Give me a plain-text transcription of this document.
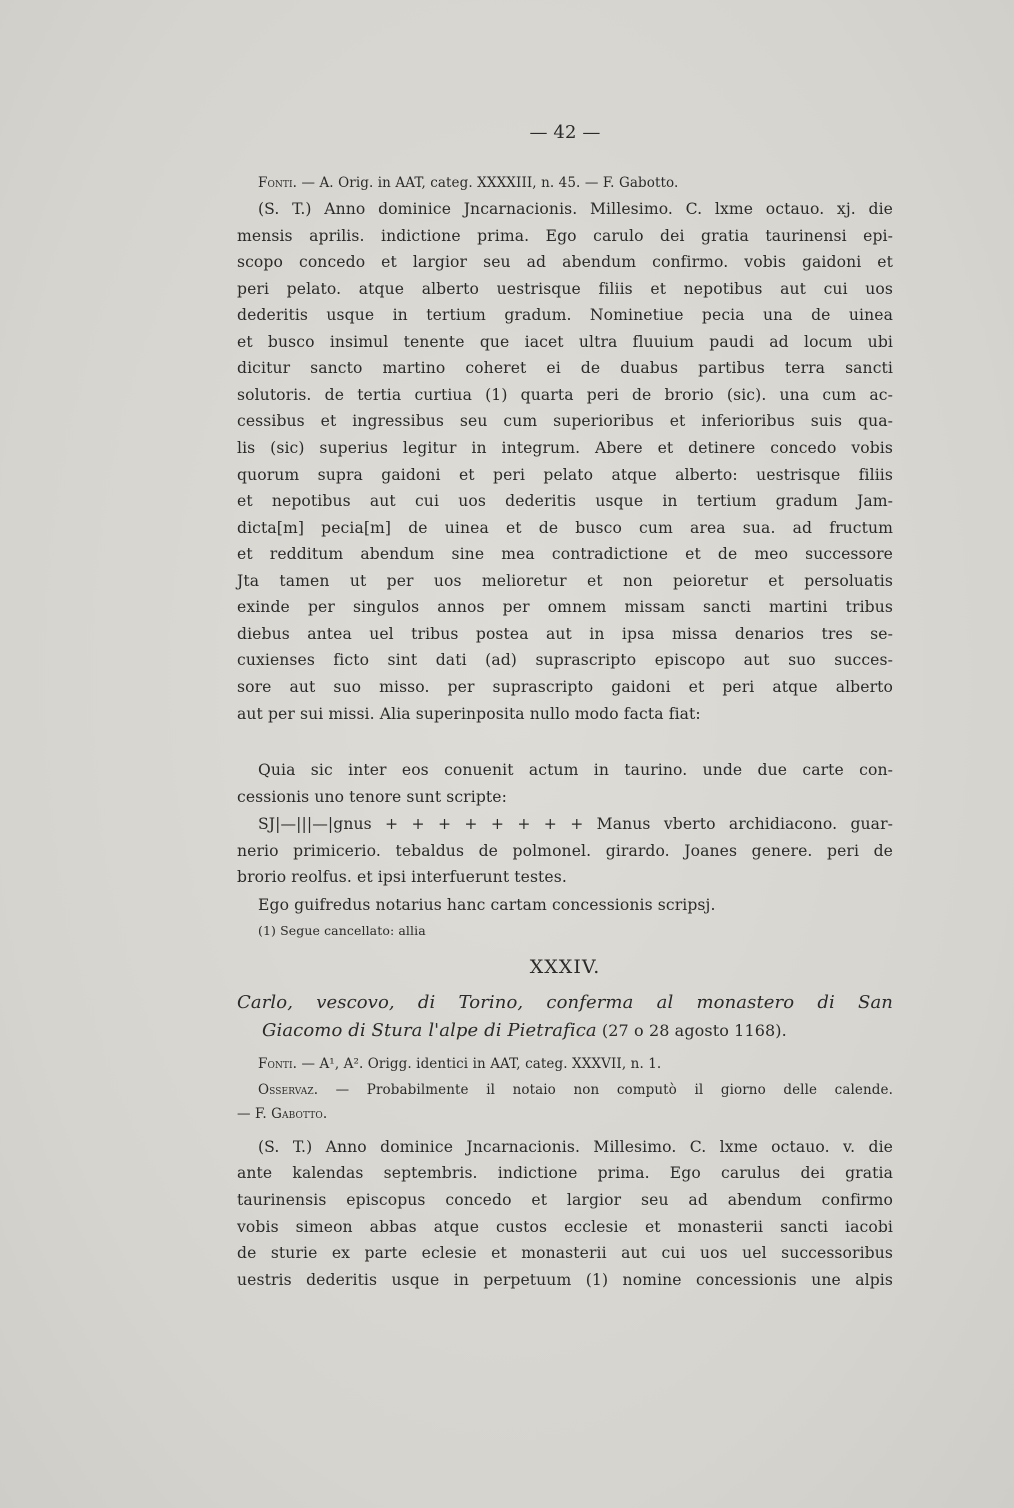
— 42 —
Fonti. — A. Orig. in AAT, categ. XXXXIII, n. 45. — F. Gabotto.
(S. T.) Anno dominice Jncarnacionis. Millesimo. C. lxme octauo. xj. die
mensis aprilis. indictione prima. Ego carulo dei gratia taurinensi epi-
scopo concedo et largior seu ad abendum confirmo. vobis gaidoni et
peri pelato. atque alberto uestrisque filiis et nepotibus aut cui uos
dederitis usque in tertium gradum. Nominetiue pecia una de uinea
et busco insimul tenente que iacet ultra fluuium paudi ad locum ubi
dicitur sancto martino coheret ei de duabus partibus terra sancti
solutoris. de tertia curtiua (1) quarta peri de brorio (sic). una cum ac-
cessibus et ingressibus seu cum superioribus et inferioribus suis qua-
lis (sic) superius legitur in integrum. Abere et detinere concedo vobis
quorum supra gaidoni et peri pelato atque alberto: uestrisque filiis
et nepotibus aut cui uos dederitis usque in tertium gradum Jam-
dicta[m] pecia[m] de uinea et de busco cum area sua. ad fructum
et redditum abendum sine mea contradictione et de meo successore
Jta tamen ut per uos melioretur et non peioretur et persoluatis
exinde per singulos annos per omnem missam sancti martini tribus
diebus antea uel tribus postea aut in ipsa missa denarios tres se-
cuxienses ficto sint dati (ad) suprascripto episcopo aut suo succes-
sore aut suo misso. per suprascripto gaidoni et peri atque alberto
aut per sui missi. Alia superinposita nullo modo facta fiat:
Quia sic inter eos conuenit actum in taurino. unde due carte con-
cessionis uno tenore sunt scripte:
SJ|—|||—|gnus + + + + + + + + Manus vberto archidiacono. guar-
nerio primicerio. tebaldus de polmonel. girardo. Joanes genere. peri de
brorio reolfus. et ipsi interfuerunt testes.
Ego guifredus notarius hanc cartam concessionis scripsj.
(1) Segue cancellato: allia
XXXIV.
Carlo, vescovo, di Torino, conferma al monastero di San
Giacomo di Stura l'alpe di Pietrafica (27 o 28 agosto 1168).
Fonti. — A¹, A². Origg. identici in AAT, categ. XXXVII, n. 1.
Osservaz. — Probabilmente il notaio non computò il giorno delle calende.
— F. Gabotto.
(S. T.) Anno dominice Jncarnacionis. Millesimo. C. lxme octauo. v. die
ante kalendas septembris. indictione prima. Ego carulus dei gratia
taurinensis episcopus concedo et largior seu ad abendum confirmo
vobis simeon abbas atque custos ecclesie et monasterii sancti iacobi
de sturie ex parte eclesie et monasterii aut cui uos uel successoribus
uestris dederitis usque in perpetuum (1) nomine concessionis une alpis
